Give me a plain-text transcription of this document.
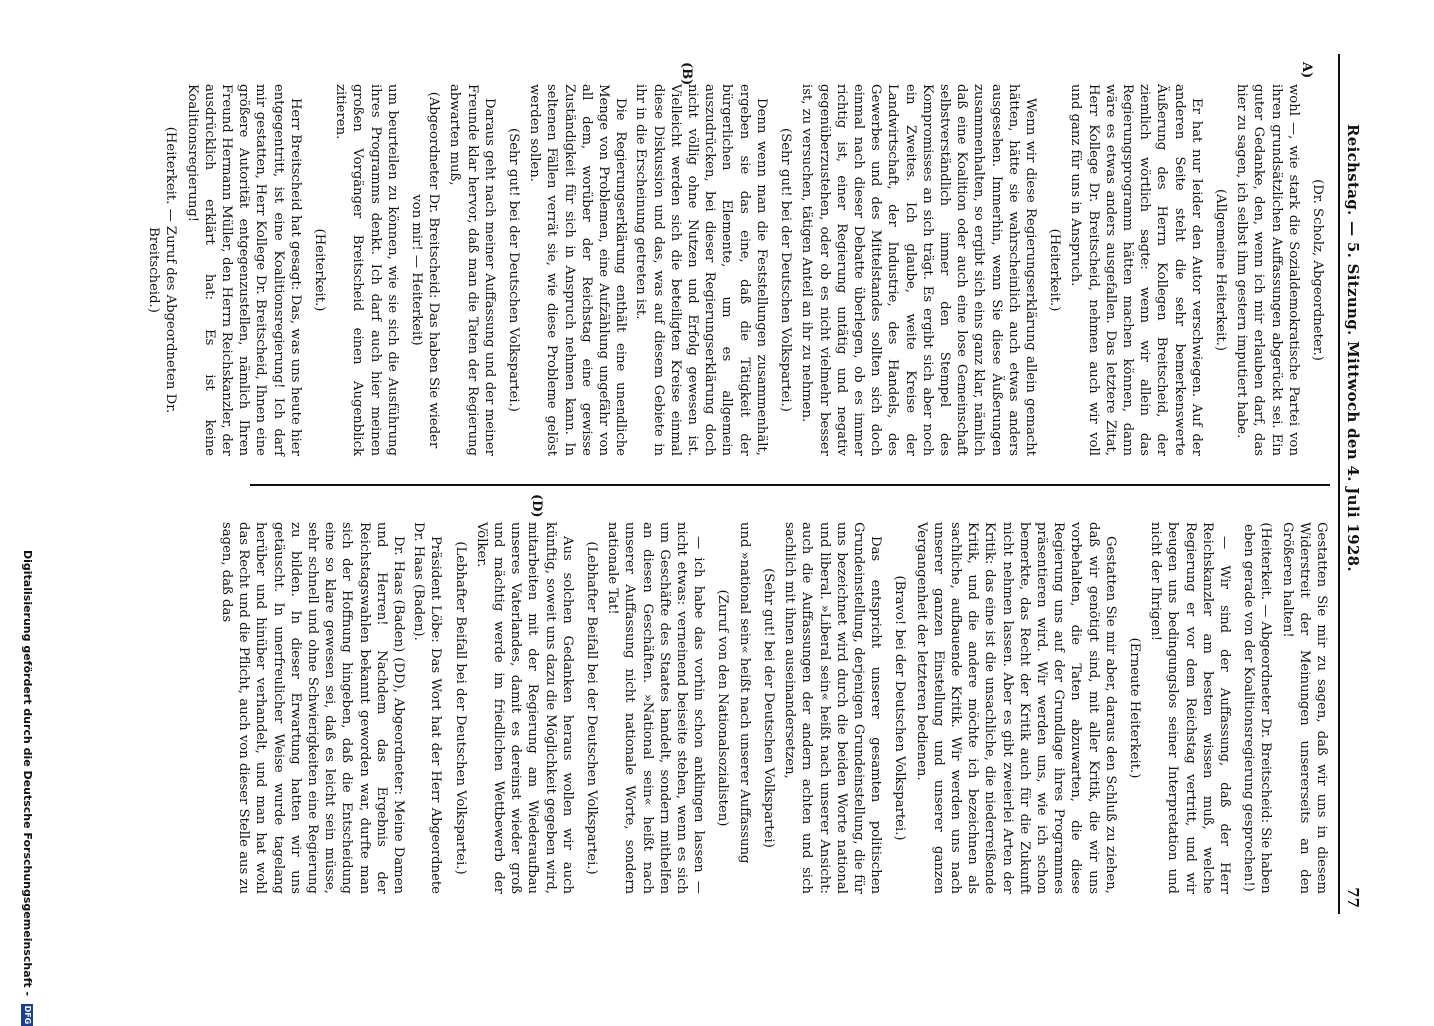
Reichstag. — 5. Sitzung. Mittwoch den 4. Juli 1928.
77
A)
(B)
(D)

(Dr. Scholz, Abgeordneter.)

wohl —, wie stark die Sozialdemokratische Partei von ihren grundsätzlichen Auffassungen abgerückt sei. Ein guter Gedanke, den, wenn ich mir erlauben darf, das hier zu sagen, ich selbst ihm gestern imputiert habe.

(Allgemeine Heiterkeit.)

Er hat nur leider den Autor verschwiegen. Auf der anderen Seite steht die sehr bemerkenswerte Äußerung des Herrn Kollegen Breitscheid, der ziemlich wörtlich sagte: wenn wir allein das Regierungsprogramm hätten machen können, dann wäre es etwas anders ausgefallen. Das letztere Zitat, Herr Kollege Dr. Breitscheid, nehmen auch wir voll und ganz für uns in Anspruch.

(Heiterkeit.)

Wenn wir diese Regierungserklärung allein gemacht hätten, hätte sie wahrscheinlich auch etwas anders ausgesehen. Immerhin, wenn Sie diese Äußerungen zusammenhalten, so ergibt sich eins ganz klar, nämlich daß eine Koalition oder auch eine lose Gemeinschaft selbstverständlich immer den Stempel des Kompromisses an sich trägt. Es ergibt sich aber noch ein Zweites. Ich glaube, weite Kreise der Landwirtschaft, der Industrie, des Handels, des Gewerbes und des Mittelstandes sollten sich doch einmal nach dieser Debatte überlegen, ob es immer richtig ist, einer Regierung untätig und negativ gegenüberzustehen, oder ob es nicht vielmehr besser ist, zu versuchen, tätigen Anteil an ihr zu nehmen.

(Sehr gut! bei der Deutschen Volkspartei.)

Denn wenn man die Feststellungen zusammenhält, ergeben sie das eine, daß die Tätigkeit der bürgerlichen Elemente, um es allgemein auszudrücken, bei dieser Regierungserklärung doch nicht völlig ohne Nutzen und Erfolg gewesen ist. Vielleicht werden sich die beteiligten Kreise einmal diese Diskussion und das, was auf diesem Gebiete in ihr in die Erscheinung getreten ist.

Die Regierungserklärung enthält eine unendliche Menge von Problemen, eine Aufzählung ungefähr von all dem, worüber der Reichstag eine gewisse Zuständigkeit für sich in Anspruch nehmen kann. In seltenen Fällen verrät sie, wie diese Probleme gelöst werden sollen.

(Sehr gut! bei der Deutschen Volkspartei.)

Daraus geht nach meiner Auffassung und der meiner Freunde klar hervor, daß man die Taten der Regierung abwarten muß,

(Abgeordneter Dr. Breitscheid: Das haben Sie wieder von mir! — Heiterkeit)

um beurteilen zu können, wie sie sich die Ausführung ihres Programms denkt. Ich darf auch hier meinen großen Vorgänger Breitscheid einen Augenblick zitieren.

(Heiterkeit.)

Herr Breitscheid hat gesagt: Das, was uns heute hier entgegentritt, ist eine Koalitionsregierung! Ich darf mir gestatten, Herr Kollege Dr. Breitscheid, Ihnen eine größere Autorität entgegenzustellen, nämlich Ihren Freund Hermann Müller, den Herrn Reichskanzler, der ausdrücklich erklärt hat: Es ist keine Koalitionsregierung!

(Heiterkeit. — Zuruf des Abgeordneten Dr. Breitscheid.)

Gestatten Sie mir zu sagen, daß wir uns in diesem Widerstreit der Meinungen unsererseits an den Größeren halten!

(Heiterkeit. — Abgeordneter Dr. Breitscheid: Sie haben eben gerade von der Koalitionsregierung gesprochen!)

— Wir sind der Auffassung, daß der Herr Reichskanzler am besten wissen muß, welche Regierung er vor dem Reichstag vertritt, und wir beugen uns bedingungslos seiner Interpretation und nicht der Ihrigen!

(Erneute Heiterkeit.)

Gestatten Sie mir aber, daraus den Schluß zu ziehen, daß wir genötigt sind, mit aller Kritik, die wir uns vorbehalten, die Taten abzuwarten, die diese Regierung uns auf der Grundlage ihres Programmes präsentieren wird. Wir werden uns, wie ich schon bemerkte, das Recht der Kritik auch für die Zukunft nicht nehmen lassen. Aber es gibt zweierlei Arten der Kritik: das eine ist die unsachliche, die niederreißende Kritik, und die andere möchte ich bezeichnen als sachliche, aufbauende Kritik. Wir werden uns nach unserer ganzen Einstellung und unserer ganzen Vergangenheit der letzteren bedienen.

(Bravo! bei der Deutschen Volkspartei.)

Das entspricht unserer gesamten politischen Grundeinstellung, derjenigen Grundeinstellung, die für uns bezeichnet wird durch die beiden Worte national und liberal. »Liberal sein« heißt nach unserer Ansicht: auch die Auffassungen der andern achten und sich sachlich mit ihnen auseinandersetzen,

(Sehr gut! bei der Deutschen Volkspartei)

und »national sein« heißt nach unserer Auffassung

(Zuruf von den Nationalsozialisten)

— ich habe das vorhin schon anklingen lassen — nicht etwas: verneinend beiseite stehen, wenn es sich um Geschäfte des Staates handelt, sondern mithelfen an diesen Geschäften. »National sein« heißt nach unserer Auffassung nicht nationale Worte, sondern nationale Tat!

(Lebhafter Beifall bei der Deutschen Volkspartei.)

Aus solchen Gedanken heraus wollen wir auch künftig, soweit uns dazu die Möglichkeit gegeben wird, mitarbeiten mit der Regierung am Wiederaufbau unseres Vaterlandes, damit es dereinst wieder groß und mächtig werde im friedlichen Wettbewerb der Völker.

(Lebhafter Beifall bei der Deutschen Volkspartei.)

Präsident Löbe: Das Wort hat der Herr Abgeordnete Dr. Haas (Baden).

Dr. Haas (Baden) (DD), Abgeordneter: Meine Damen und Herren! Nachdem das Ergebnis der Reichstagswahlen bekannt geworden war, durfte man sich der Hoffnung hingeben, daß die Entscheidung eine so klare gewesen sei, daß es leicht sein müsse, sehr schnell und ohne Schwierigkeiten eine Regierung zu bilden. In dieser Erwartung hatten wir uns getäuscht. In unerfreulicher Weise wurde tagelang herüber und hinüber verhandelt, und man hat wohl das Recht und die Pflicht, auch von dieser Stelle aus zu sagen, daß das

Digitalisierung gefördert durch die Deutsche Forschungsgemeinschaft - DFG
